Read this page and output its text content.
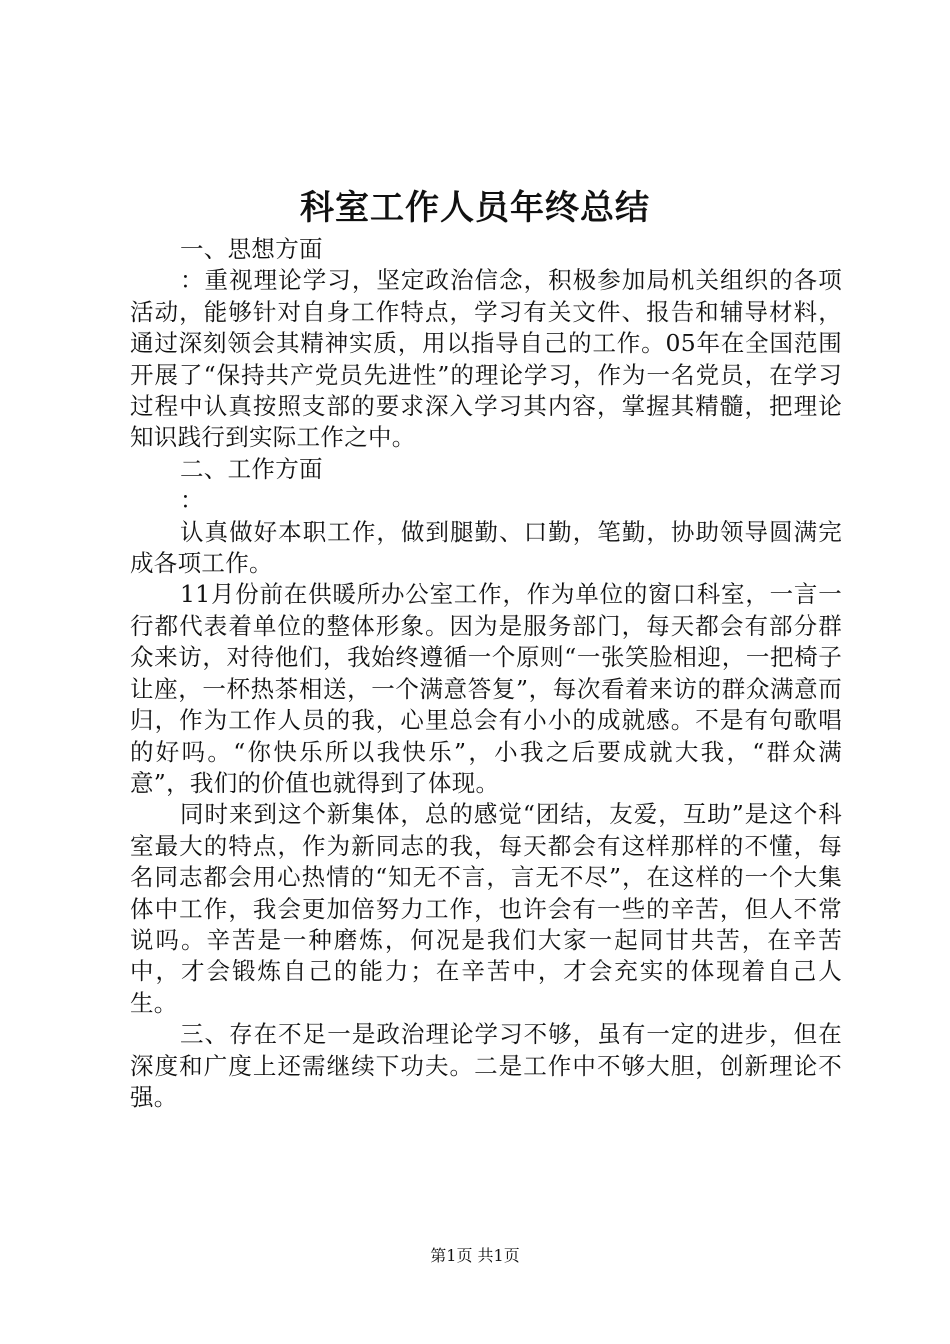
科室工作人员年终总结

一、思想方面

：重视理论学习，坚定政治信念，积极参加局机关组织的各项活动，能够针对自身工作特点，学习有关文件、报告和辅导材料，通过深刻领会其精神实质，用以指导自己的工作。05年在全国范围开展了“保持共产党员先进性”的理论学习，作为一名党员，在学习过程中认真按照支部的要求深入学习其内容，掌握其精髓，把理论知识践行到实际工作之中。

二、工作方面

：

认真做好本职工作，做到腿勤、口勤，笔勤，协助领导圆满完成各项工作。

11月份前在供暖所办公室工作，作为单位的窗口科室，一言一行都代表着单位的整体形象。因为是服务部门，每天都会有部分群众来访，对待他们，我始终遵循一个原则“一张笑脸相迎，一把椅子让座，一杯热茶相送，一个满意答复”，每次看着来访的群众满意而归，作为工作人员的我，心里总会有小小的成就感。不是有句歌唱的好吗。“你快乐所以我快乐”，小我之后要成就大我，“群众满意”，我们的价值也就得到了体现。

同时来到这个新集体，总的感觉“团结，友爱，互助”是这个科室最大的特点，作为新同志的我，每天都会有这样那样的不懂，每名同志都会用心热情的“知无不言，言无不尽”，在这样的一个大集体中工作，我会更加倍努力工作，也许会有一些的辛苦，但人不常说吗。辛苦是一种磨炼，何况是我们大家一起同甘共苦，在辛苦中，才会锻炼自己的能力；在辛苦中，才会充实的体现着自己人生。

三、存在不足一是政治理论学习不够，虽有一定的进步，但在深度和广度上还需继续下功夫。二是工作中不够大胆，创新理论不强。

第1页 共1页
